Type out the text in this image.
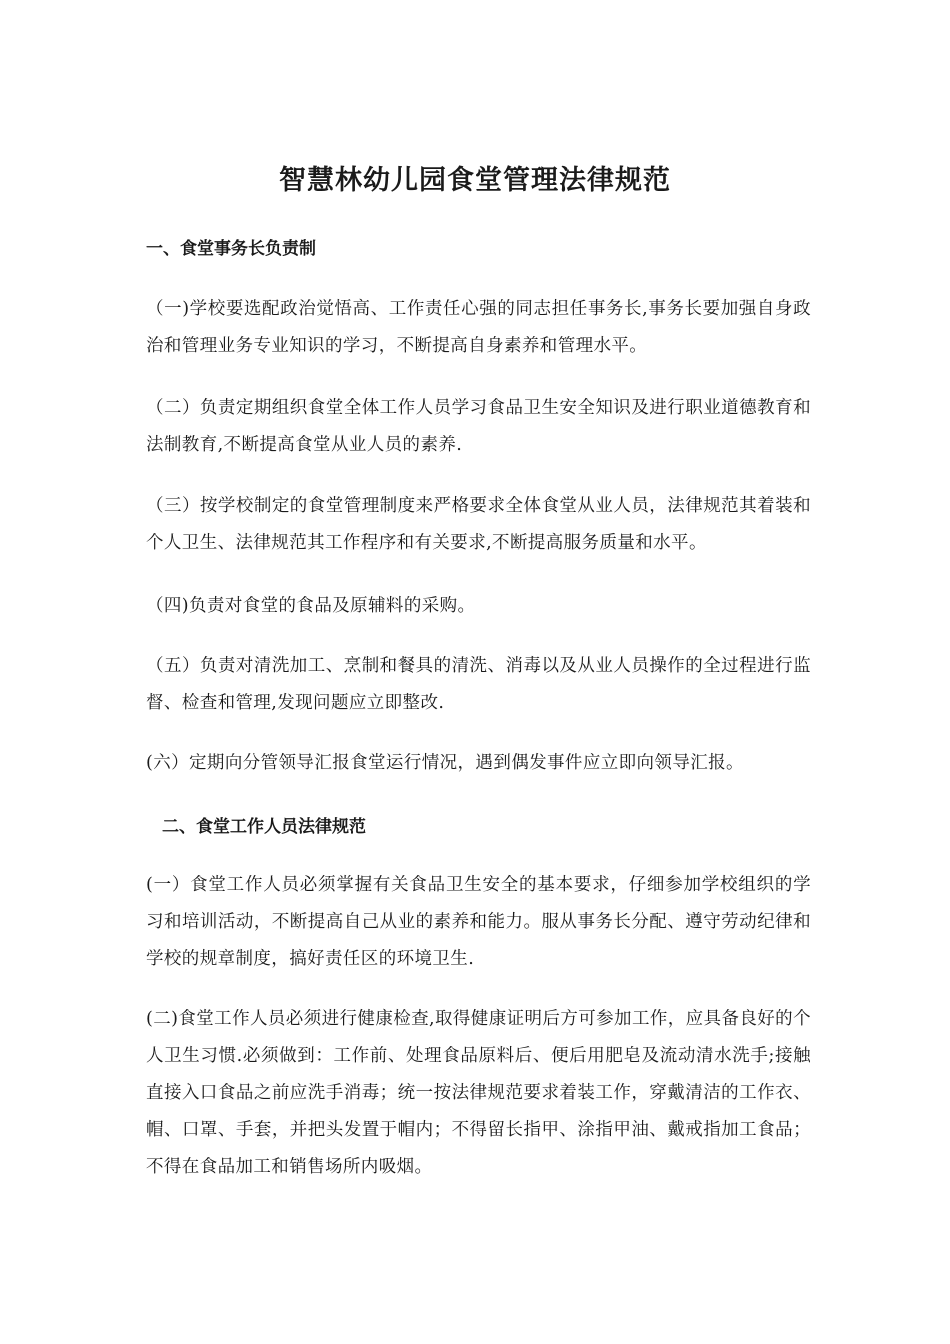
智慧林幼儿园食堂管理法律规范
一、食堂事务长负责制

（一)学校要选配政治觉悟高、工作责任心强的同志担任事务长,事务长要加强自身政治和管理业务专业知识的学习，不断提高自身素养和管理水平。

（二）负责定期组织食堂全体工作人员学习食品卫生安全知识及进行职业道德教育和法制教育,不断提高食堂从业人员的素养.

（三）按学校制定的食堂管理制度来严格要求全体食堂从业人员，法律规范其着装和个人卫生、法律规范其工作程序和有关要求,不断提高服务质量和水平。

（四)负责对食堂的食品及原辅料的采购。

（五）负责对清洗加工、烹制和餐具的清洗、消毒以及从业人员操作的全过程进行监督、检查和管理,发现问题应立即整改.

(六）定期向分管领导汇报食堂运行情况，遇到偶发事件应立即向领导汇报。

二、食堂工作人员法律规范

(一）食堂工作人员必须掌握有关食品卫生安全的基本要求，仔细参加学校组织的学习和培训活动，不断提高自己从业的素养和能力。服从事务长分配、遵守劳动纪律和学校的规章制度，搞好责任区的环境卫生.

(二)食堂工作人员必须进行健康检查,取得健康证明后方可参加工作，应具备良好的个人卫生习惯.必须做到：工作前、处理食品原料后、便后用肥皂及流动清水洗手;接触直接入口食品之前应洗手消毒；统一按法律规范要求着装工作，穿戴清洁的工作衣、帽、口罩、手套，并把头发置于帽内；不得留长指甲、涂指甲油、戴戒指加工食品；不得在食品加工和销售场所内吸烟。
